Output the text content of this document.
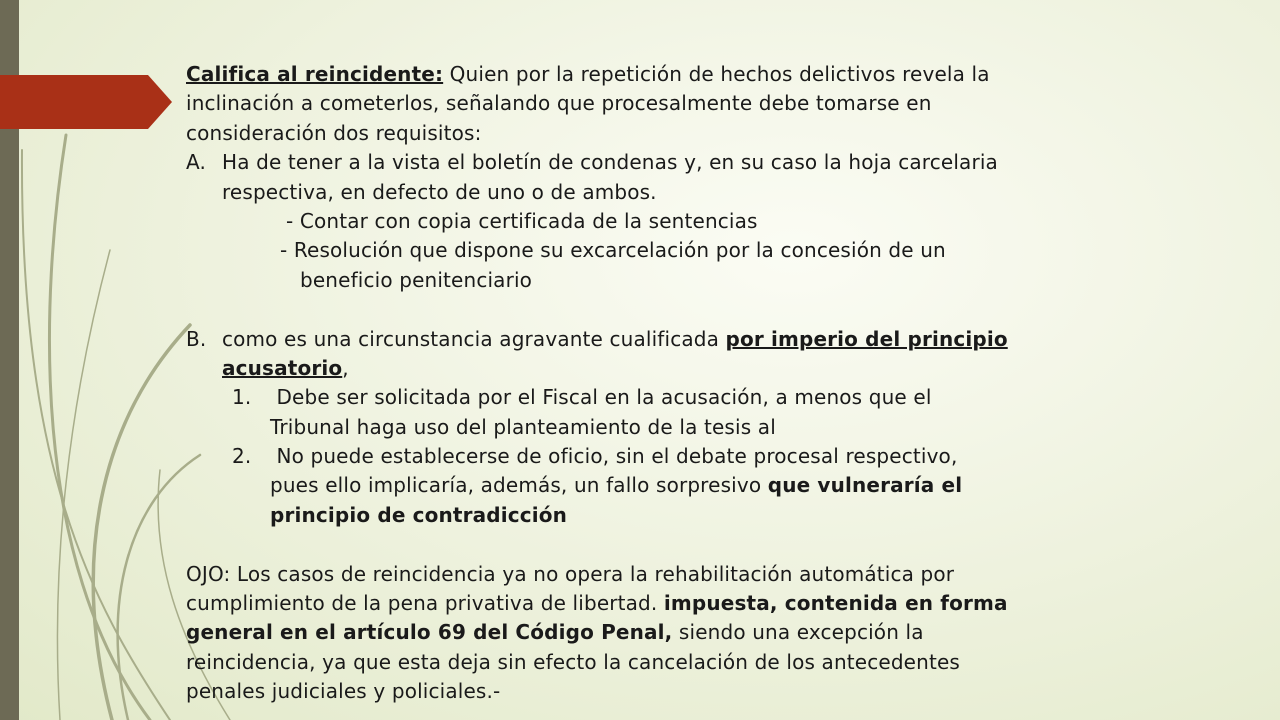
Califica al reincidente: Quien por la repetición de hechos delictivos revela la
inclinación a cometerlos, señalando que procesalmente debe tomarse en
consideración dos requisitos:
A. Ha de tener a la vista el boletín de condenas y, en su caso la hoja carcelaria
respectiva, en defecto de uno o de ambos.
- Contar con copia certificada de la sentencias
- Resolución que dispone su excarcelación por la concesión de un
beneficio penitenciario
B. como es una circunstancia agravante cualificada por imperio del principio
acusatorio,
1. Debe ser solicitada por el Fiscal en la acusación, a menos que el
Tribunal haga uso del planteamiento de la tesis al
2. No puede establecerse de oficio, sin el debate procesal respectivo,
pues ello implicaría, además, un fallo sorpresivo que vulneraría el
principio de contradicción
OJO: Los casos de reincidencia ya no opera la rehabilitación automática por
cumplimiento de la pena privativa de libertad. impuesta, contenida en forma
general en el artículo 69 del Código Penal, siendo una excepción la
reincidencia, ya que esta deja sin efecto la cancelación de los antecedentes
penales judiciales y policiales.-
